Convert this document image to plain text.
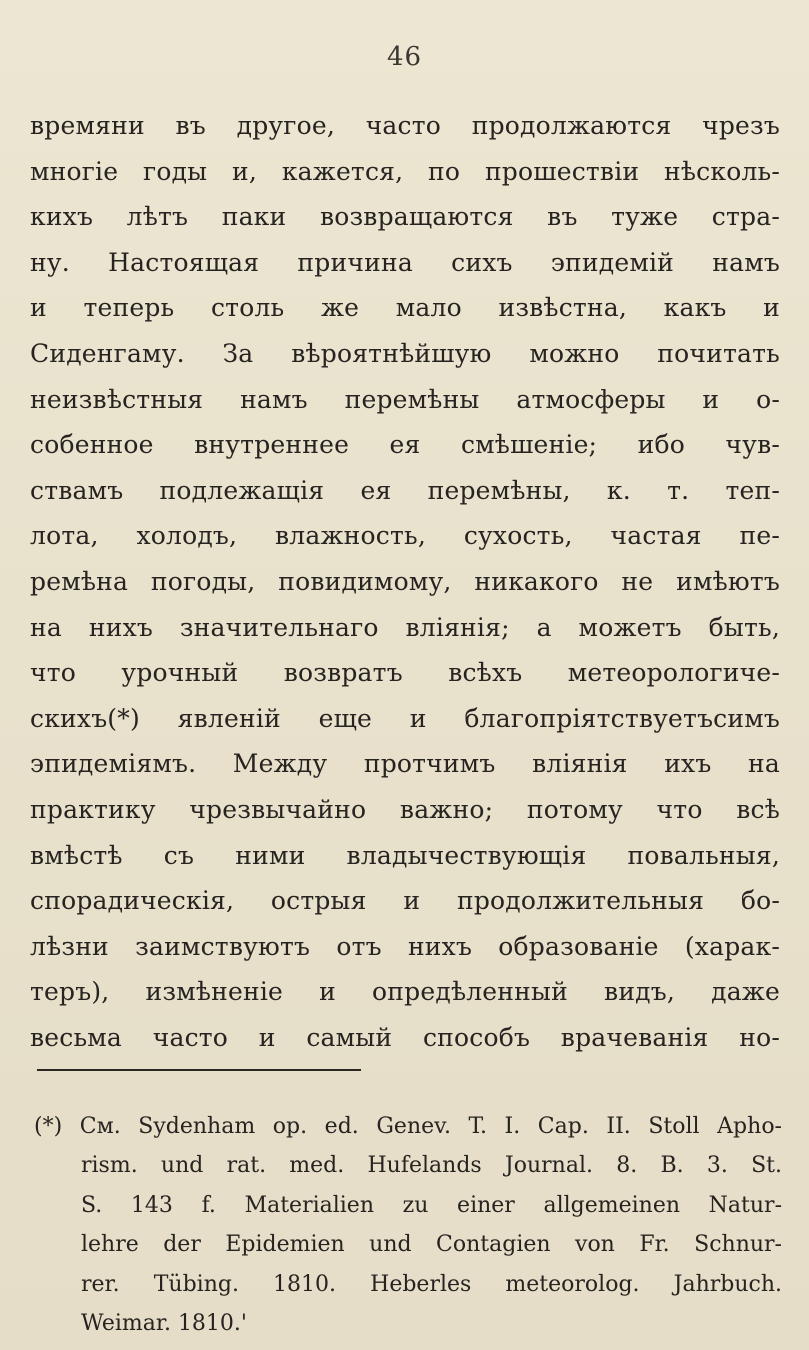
46
времяни въ другое, часто продолжаются чрезъ
многіе годы и, кажется, по прошествіи нѣсколь-
кихъ лѣтъ паки возвращаются въ туже стра-
ну. Настоящая причина сихъ эпидемій намъ
и теперь столь же мало извѣстна, какъ и
Сиденгаму. За вѣроятнѣйшую можно почитать
неизвѣстныя намъ перемѣны атмосферы и о-
собенное внутреннее ея смѣшеніе; ибо чув-
ствамъ подлежащія ея перемѣны, к. т. теп-
лота, холодъ, влажность, сухость, частая пе-
ремѣна погоды, повидимому, никакого не имѣютъ
на нихъ значительнаго вліянія; а можетъ быть,
что урочный возвратъ всѣхъ метеорологиче-
скихъ(*) явленій еще и благопріятствуетъсимъ
эпидеміямъ. Между протчимъ вліянія ихъ на
практику чрезвычайно важно; потому что всѣ
вмѣстѣ съ ними владычествующія повальныя,
спорадическія, острыя и продолжительныя бо-
лѣзни заимствуютъ отъ нихъ образованіе (харак-
теръ), измѣненіе и опредѣленный видъ, даже
весьма часто и самый способъ врачеванія но-
(*) См. Sydenham op. ed. Genev. T. I. Cap. II. Stoll Apho-
rism. und rat. med. Hufelands Journal. 8. B. 3. St.
S. 143 f. Materialien zu einer allgemeinen Natur-
lehre der Epidemien und Contagien von Fr. Schnur-
rer. Tübing. 1810. Heberles meteorolog. Jahrbuch.
Weimar. 1810.'
